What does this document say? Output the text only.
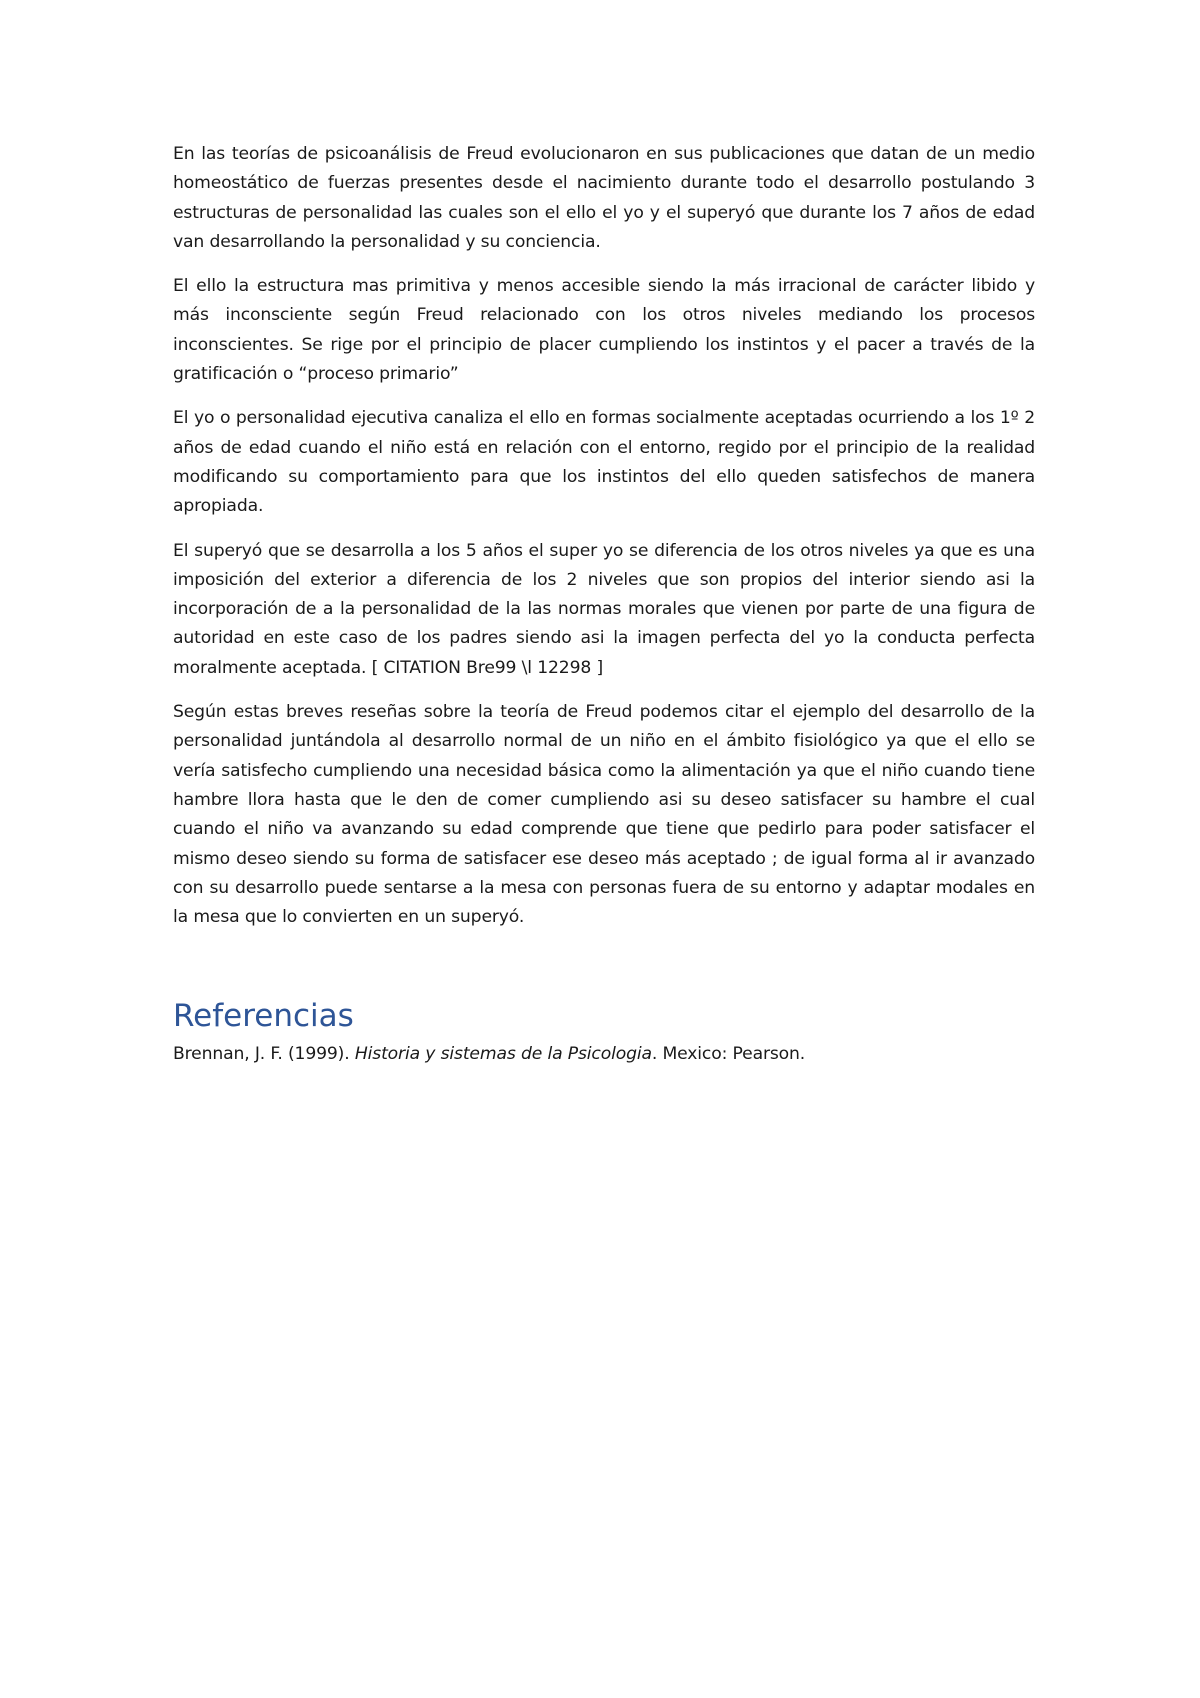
En las teorías de psicoanálisis de Freud evolucionaron en sus publicaciones que datan de un medio homeostático de fuerzas presentes desde el nacimiento durante todo el desarrollo postulando 3 estructuras de personalidad las cuales son el ello el yo y el superyó que durante los 7 años de edad van desarrollando la personalidad y su conciencia.

El ello la estructura mas primitiva y menos accesible siendo la más irracional de carácter libido y más inconsciente según Freud relacionado con los otros niveles mediando los procesos inconscientes. Se rige por el principio de placer cumpliendo los instintos y el pacer a través de la gratificación o “proceso primario”

El yo o personalidad ejecutiva canaliza el ello en formas socialmente aceptadas ocurriendo a los 1º 2 años de edad cuando el niño está en relación con el entorno, regido por el principio de la realidad modificando su comportamiento para que los instintos del ello queden satisfechos de manera apropiada.

El superyó que se desarrolla a los 5 años el super yo se diferencia de los otros niveles ya que es una imposición del exterior a diferencia de los 2 niveles que son propios del interior siendo asi la incorporación de a la personalidad de la las normas morales que vienen por parte de una figura de autoridad en este caso de los padres siendo asi la imagen perfecta del yo la conducta perfecta moralmente aceptada. [ CITATION Bre99 \l 12298 ]

Según estas breves reseñas sobre la teoría de Freud podemos citar el ejemplo del desarrollo de la personalidad juntándola al desarrollo normal de un niño en el ámbito fisiológico ya que el ello se vería satisfecho cumpliendo una necesidad básica como la alimentación ya que el niño cuando tiene hambre llora hasta que le den de comer cumpliendo asi su deseo satisfacer su hambre el cual cuando el niño va avanzando su edad comprende que tiene que pedirlo para poder satisfacer el mismo deseo siendo su forma de satisfacer ese deseo más aceptado ; de igual forma al ir avanzado con su desarrollo puede sentarse a la mesa con personas fuera de su entorno y adaptar modales en la mesa que lo convierten en un superyó.

Referencias

Brennan, J. F. (1999). Historia y sistemas de la Psicologia. Mexico: Pearson.
